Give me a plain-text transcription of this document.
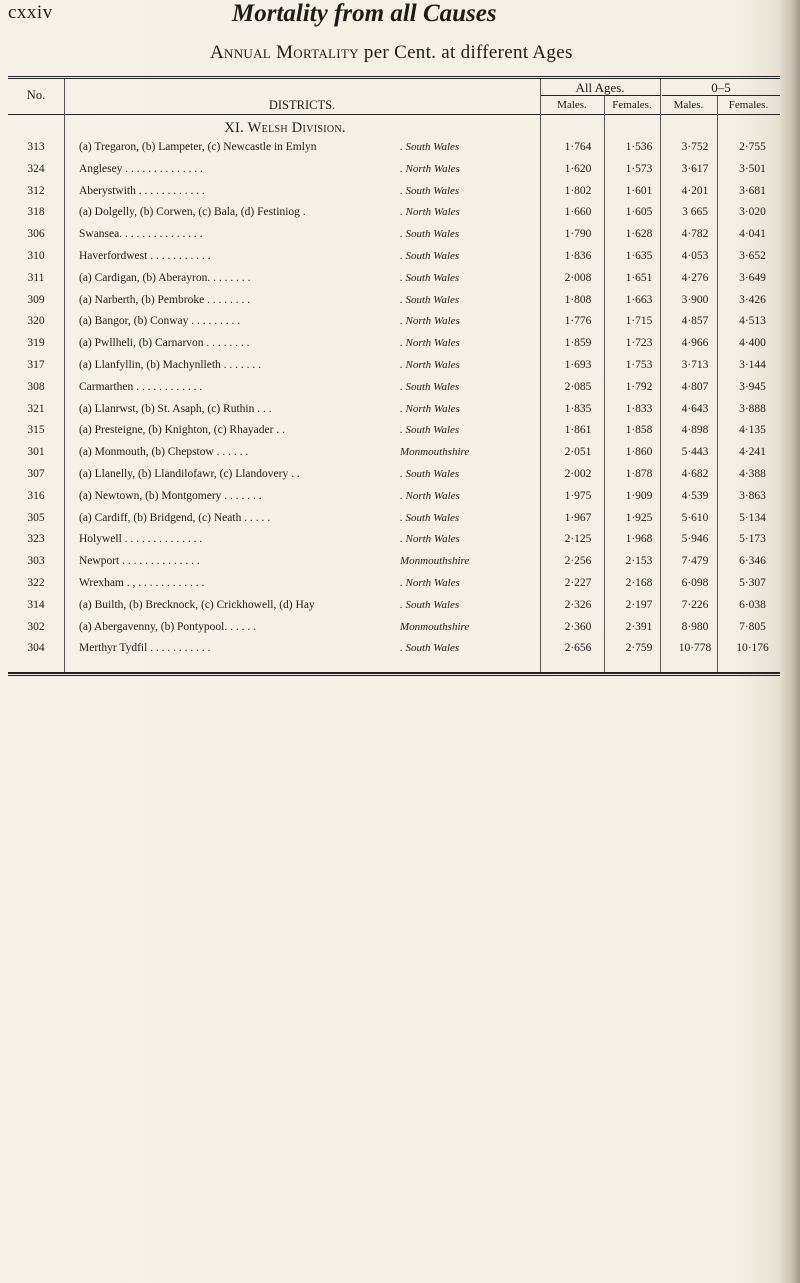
cxxiv	Mortality from all Causes
Annual Mortality per Cent. at different Ages
No.
DISTRICTS.
All Ages.	0–5
Males.	Females.	Males.	Females.
XI. Welsh Division.
313	(a) Tregaron, (b) Lampeter, (c) Newcastle in Emlyn	. South Wales	1·764	1·536	3·752	2·755
324	Anglesey . . . . . . . . . . . . . .	. North Wales	1·620	1·573	3·617	3·501
312	Aberystwith . . . . . . . . . . . .	. South Wales	1·802	1·601	4·201	3·681
318	(a) Dolgelly, (b) Corwen, (c) Bala, (d) Festiniog .	. North Wales	1·660	1·605	3 665	3·020
306	Swansea. . . . . . . . . . . . . . .	. South Wales	1·790	1·628	4·782	4·041
310	Haverfordwest . . . . . . . . . . .	. South Wales	1·836	1·635	4·053	3·652
311	(a) Cardigan, (b) Aberayron. . . . . . . .	. South Wales	2·008	1·651	4·276	3·649
309	(a) Narberth, (b) Pembroke . . . . . . . .	. South Wales	1·808	1·663	3·900	3·426
320	(a) Bangor, (b) Conway . . . . . . . . .	. North Wales	1·776	1·715	4·857	4·513
319	(a) Pwllheli, (b) Carnarvon . . . . . . . .	. North Wales	1·859	1·723	4·966	4·400
317	(a) Llanfyllin, (b) Machynlleth . . . . . . .	. North Wales	1·693	1·753	3·713	3·144
308	Carmarthen . . . . . . . . . . . .	. South Wales	2·085	1·792	4·807	3·945
321	(a) Llanrwst, (b) St. Asaph, (c) Ruthin . . .	. North Wales	1·835	1·833	4·643	3·888
315	(a) Presteigne, (b) Knighton, (c) Rhayader . .	. South Wales	1·861	1·858	4·898	4·135
301	(a) Monmouth, (b) Chepstow . . . . . .	Monmouthshire	2·051	1·860	5·443	4·241
307	(a) Llanelly, (b) Llandilofawr, (c) Llandovery . .	. South Wales	2·002	1·878	4·682	4·388
316	(a) Newtown, (b) Montgomery . . . . . . .	. North Wales	1·975	1·909	4·539	3·863
305	(a) Cardiff, (b) Bridgend, (c) Neath . . . . .	. South Wales	1·967	1·925	5·610	5·134
323	Holywell . . . . . . . . . . . . . .	. North Wales	2·125	1·968	5·946	5·173
303	Newport . . . . . . . . . . . . . .	Monmouthshire	2·256	2·153	7·479	6·346
322	Wrexham . , . . . . . . . . . . . .	. North Wales	2·227	2·168	6·098	5·307
314	(a) Builth, (b) Brecknock, (c) Crickhowell, (d) Hay	. South Wales	2·326	2·197	7·226	6·038
302	(a) Abergavenny, (b) Pontypool. . . . . .	Monmouthshire	2·360	2·391	8·980	7·805
304	Merthyr Tydfil . . . . . . . . . . .	. South Wales	2·656	2·759	10·778	10·176
